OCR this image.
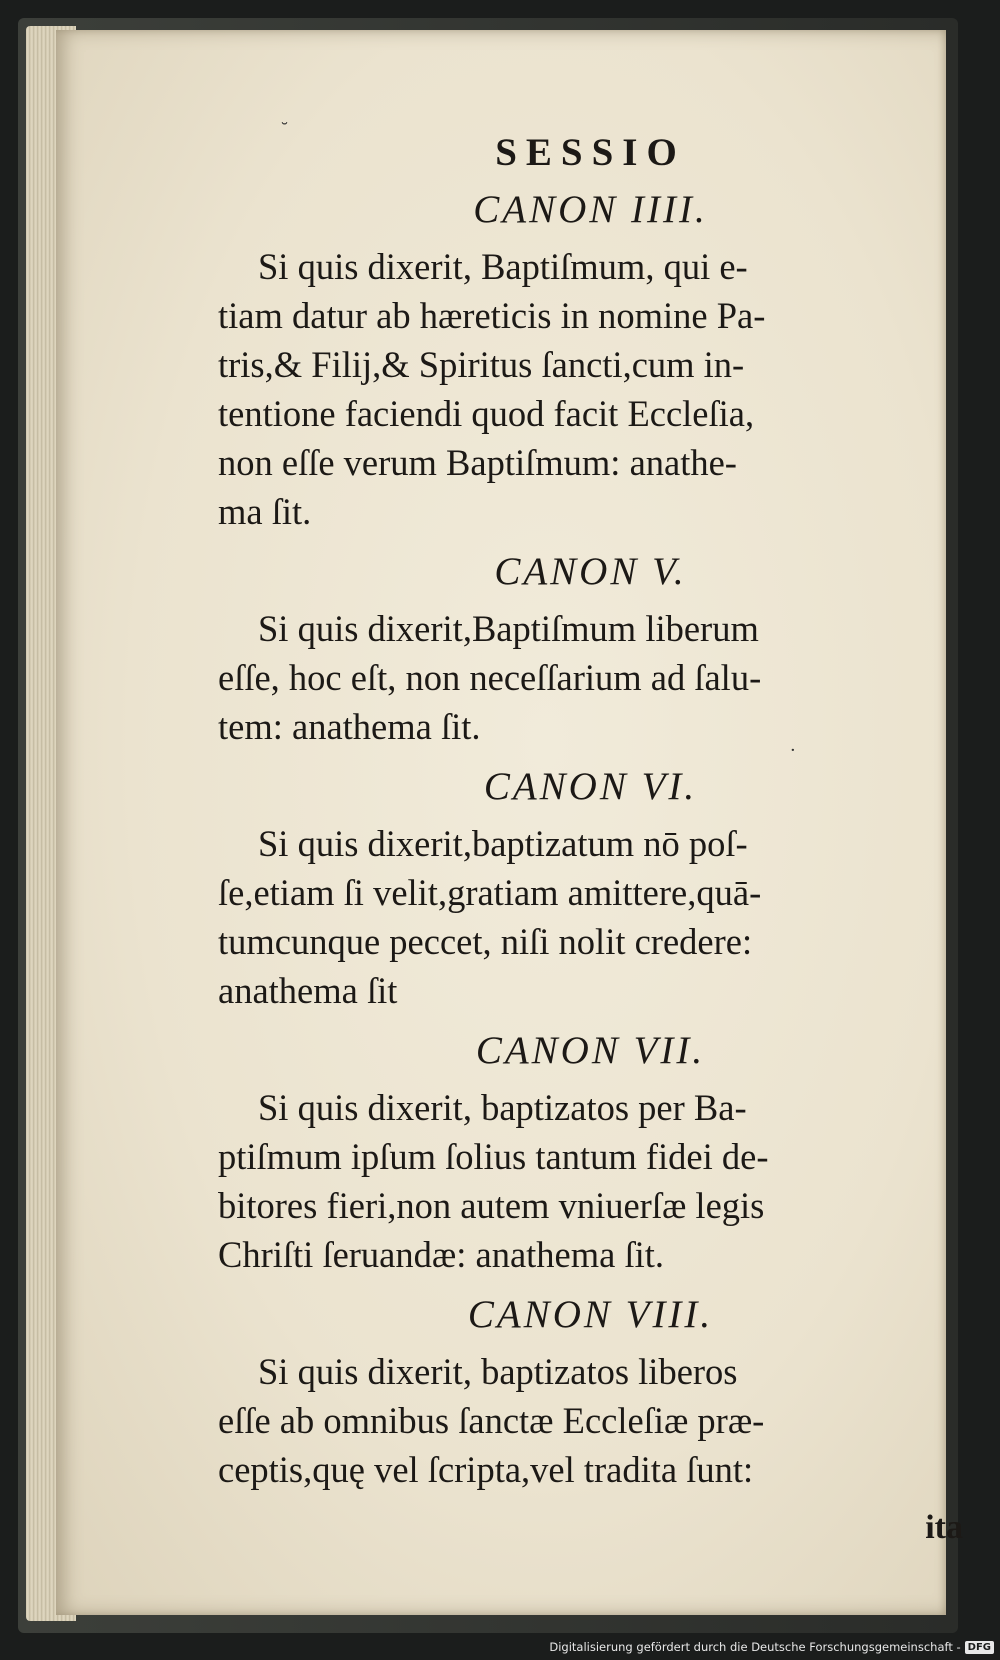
˘
·
SESSIO
CANON IIII.
Si quis dixerit, Baptiſmum, qui e-
tiam datur ab hæreticis in nomine Pa-
tris,& Filij,& Spiritus ſancti,cum in-
tentione faciendi quod facit Eccleſia,
non eſſe verum Baptiſmum: anathe-
ma ſit.
CANON V.
Si quis dixerit,Baptiſmum liberum
eſſe, hoc eſt, non neceſſarium ad ſalu-
tem: anathema ſit.
CANON VI.
Si quis dixerit,baptizatum nō poſ-
ſe,etiam ſi velit,gratiam amittere,quā-
tumcunque peccet, niſi nolit credere:
anathema ſit
CANON VII.
Si quis dixerit, baptizatos per Ba-
ptiſmum ipſum ſolius tantum fidei de-
bitores fieri,non autem vniuerſæ legis
Chriſti ſeruandæ: anathema ſit.
CANON VIII.
Si quis dixerit, baptizatos liberos
eſſe ab omnibus ſanctæ Eccleſiæ præ-
ceptis,quę vel ſcripta,vel tradita ſunt:
ita
Digitalisierung gefördert durch die Deutsche Forschungsgemeinschaft - DFG
